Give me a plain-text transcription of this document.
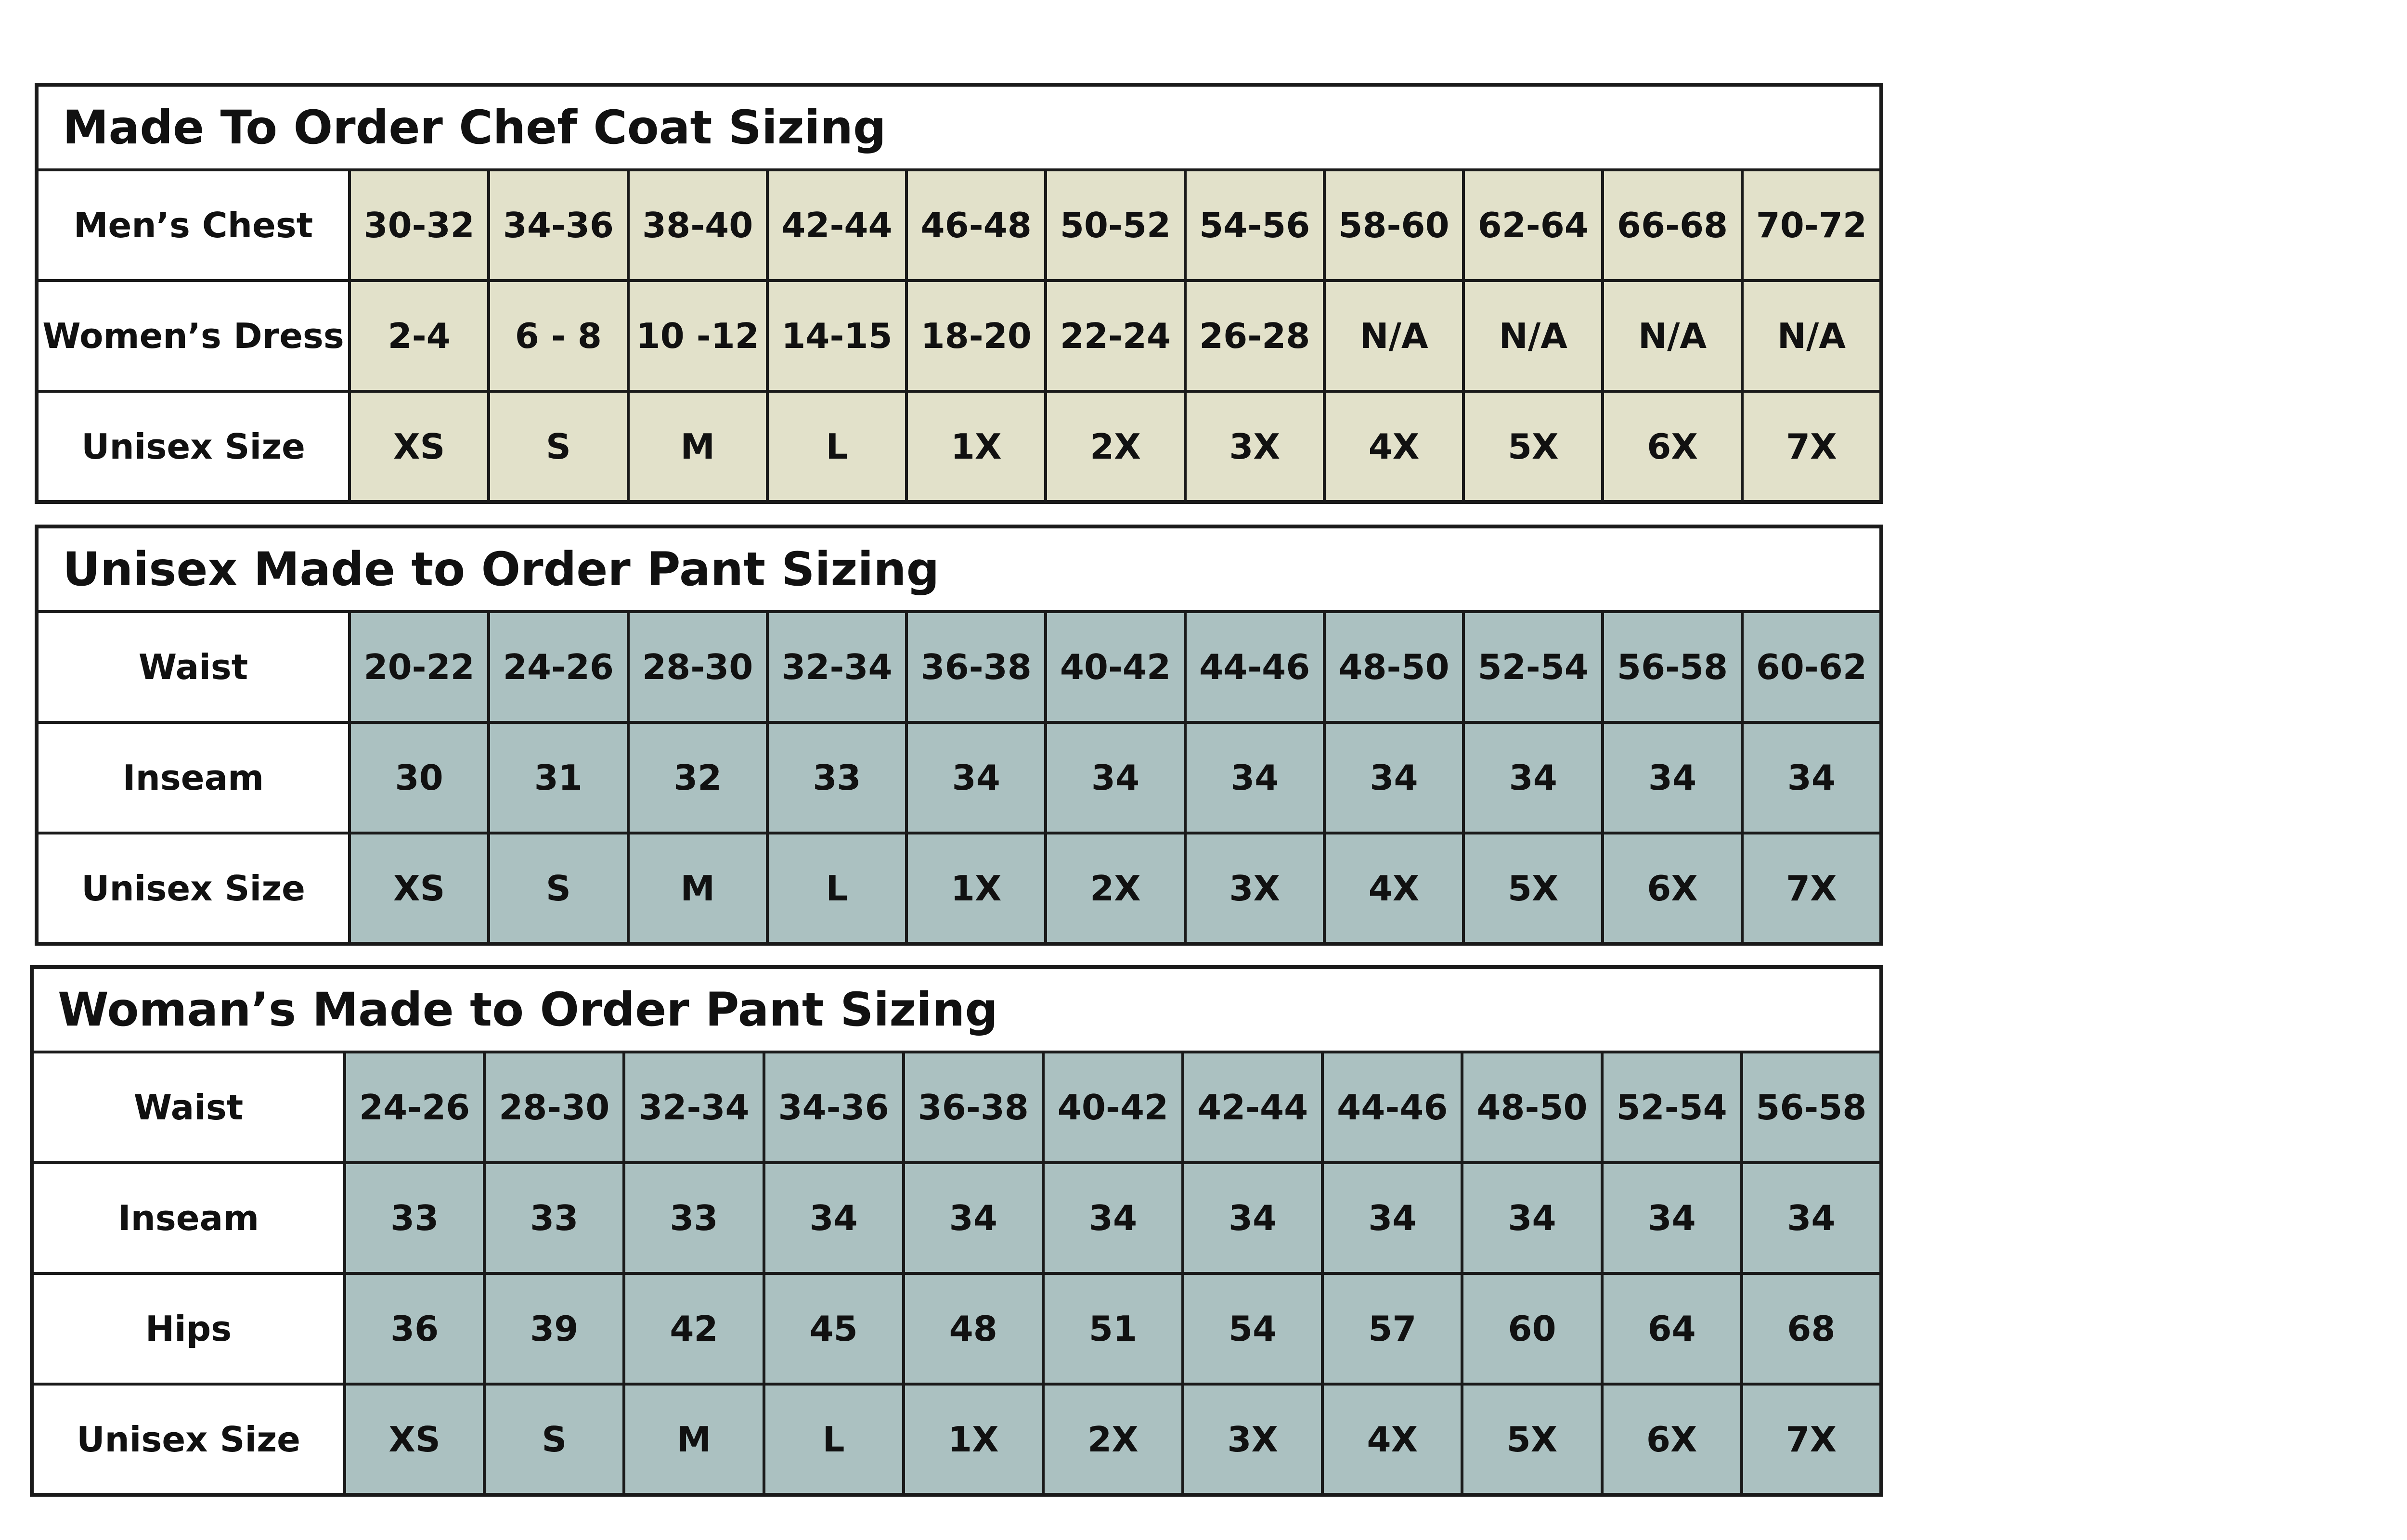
Made To Order Chef Coat Sizing											
Men’s Chest	30-32	34-36	38-40	42-44	46-48	50-52	54-56	58-60	62-64	66-68	70-72
Women’s Dress	2-4	6 - 8	10 -12	14-15	18-20	22-24	26-28	N/A	N/A	N/A	N/A
Unisex Size	XS	S	M	L	1X	2X	3X	4X	5X	6X	7X
Unisex Made to Order Pant Sizing											
Waist	20-22	24-26	28-30	32-34	36-38	40-42	44-46	48-50	52-54	56-58	60-62
Inseam	30	31	32	33	34	34	34	34	34	34	34
Unisex Size	XS	S	M	L	1X	2X	3X	4X	5X	6X	7X
Woman’s Made to Order Pant Sizing											
Waist	24-26	28-30	32-34	34-36	36-38	40-42	42-44	44-46	48-50	52-54	56-58
Inseam	33	33	33	34	34	34	34	34	34	34	34
Hips	36	39	42	45	48	51	54	57	60	64	68
Unisex Size	XS	S	M	L	1X	2X	3X	4X	5X	6X	7X
